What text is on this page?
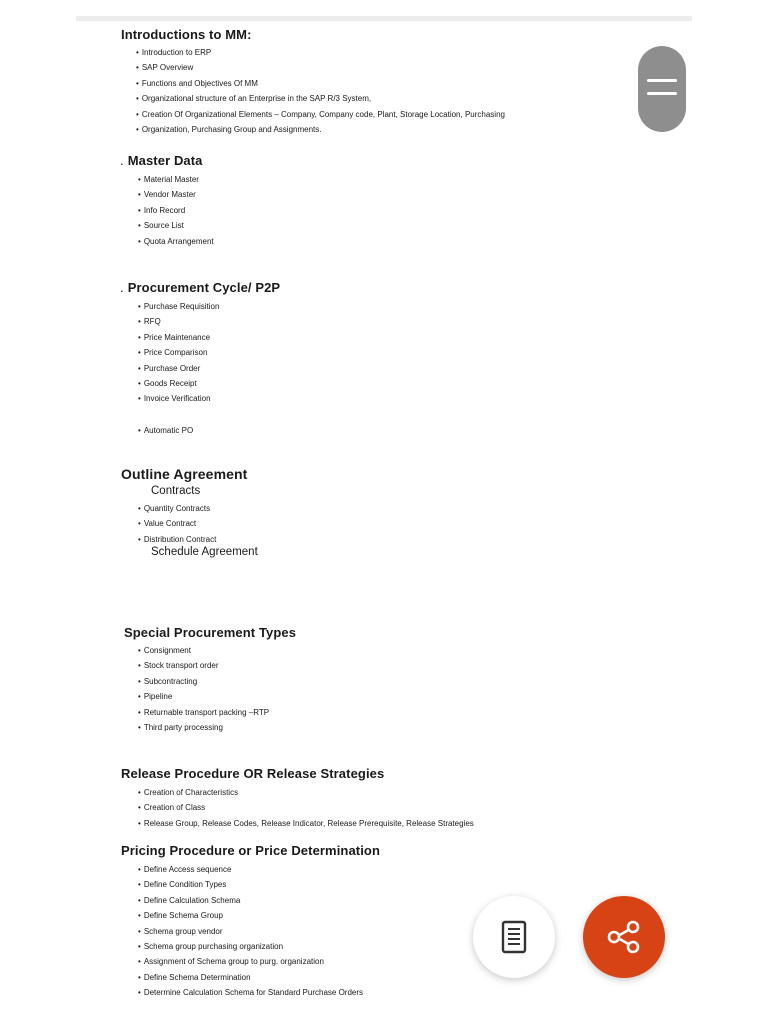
Introductions to MM:
• Introduction to ERP
• SAP Overview
• Functions and Objectives Of MM
• Organizational structure of an Enterprise in the SAP R/3 System,
• Creation Of Organizational Elements – Company, Company code, Plant, Storage Location, Purchasing
• Organization, Purchasing Group and Assignments.
. Master Data
• Material Master
• Vendor Master
• Info Record
• Source List
• Quota Arrangement
. Procurement Cycle/ P2P
• Purchase Requisition
• RFQ
• Price Maintenance
• Price Comparison
• Purchase Order
• Goods Receipt
• Invoice Verification
• Automatic PO
Outline Agreement
Contracts
• Quantity Contracts
• Value Contract
• Distribution Contract
Schedule Agreement
Special Procurement Types
• Consignment
• Stock transport order
• Subcontracting
• Pipeline
• Returnable transport packing –RTP
• Third party processing
Release Procedure OR Release Strategies
• Creation of Characteristics
• Creation of Class
• Release Group, Release Codes, Release Indicator, Release Prerequisite, Release Strategies
Pricing Procedure or Price Determination
• Define Access sequence
• Define Condition Types
• Define Calculation Schema
• Define Schema Group
• Schema group vendor
• Schema group purchasing organization
• Assignment of Schema group to purg. organization
• Define Schema Determination
• Determine Calculation Schema for Standard Purchase Orders
